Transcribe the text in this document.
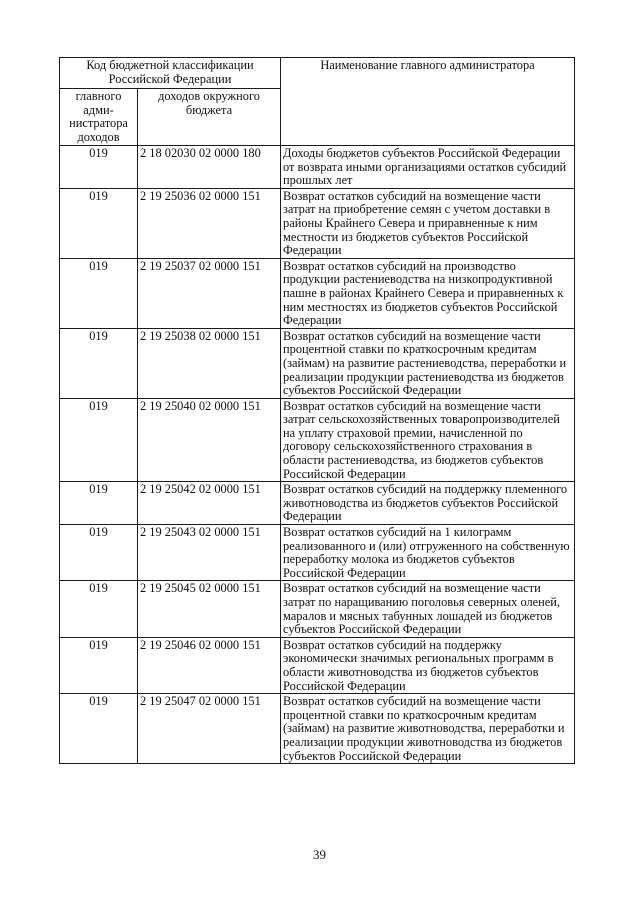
Код бюджетной классификации Российской Федерации		Наименование главного администратора
главного адми-нистратора доходов	доходов окружного бюджета	
019	2 18 02030 02 0000 180	Доходы бюджетов субъектов Российской Федерации от возврата иными организациями остатков субсидий прошлых лет
019	2 19 25036 02 0000 151	Возврат остатков субсидий на возмещение части затрат на приобретение семян с учетом доставки в районы Крайнего Севера и приравненные к ним местности из бюджетов субъектов Российской Федерации
019	2 19 25037 02 0000 151	Возврат остатков субсидий на производство продукции растениеводства на низкопродуктивной пашне в районах Крайнего Севера и приравненных к ним местностях из бюджетов субъектов Российской Федерации
019	2 19 25038 02 0000 151	Возврат остатков субсидий на возмещение части процентной ставки по краткосрочным кредитам (займам) на развитие растениеводства, переработки и реализации продукции растениеводства из бюджетов субъектов Российской Федерации
019	2 19 25040 02 0000 151	Возврат остатков субсидий на возмещение части затрат сельскохозяйственных товаропроизводителей на уплату страховой премии, начисленной по договору сельскохозяйственного страхования в области растениеводства, из бюджетов субъектов Российской Федерации
019	2 19 25042 02 0000 151	Возврат остатков субсидий на поддержку племенного животноводства из бюджетов субъектов Российской Федерации
019	2 19 25043 02 0000 151	Возврат остатков субсидий на 1 килограмм реализованного и (или) отгруженного на собственную переработку молока из бюджетов субъектов Российской Федерации
019	2 19 25045 02 0000 151	Возврат остатков субсидий на возмещение части затрат по наращиванию поголовья северных оленей, маралов и мясных табунных лошадей из бюджетов субъектов Российской Федерации
019	2 19 25046 02 0000 151	Возврат остатков субсидий на поддержку экономически значимых региональных программ в области животноводства из бюджетов субъектов Российской Федерации
019	2 19 25047 02 0000 151	Возврат остатков субсидий на возмещение части процентной ставки по краткосрочным кредитам (займам) на развитие животноводства, переработки и реализации продукции животноводства из бюджетов субъектов Российской Федерации
39
